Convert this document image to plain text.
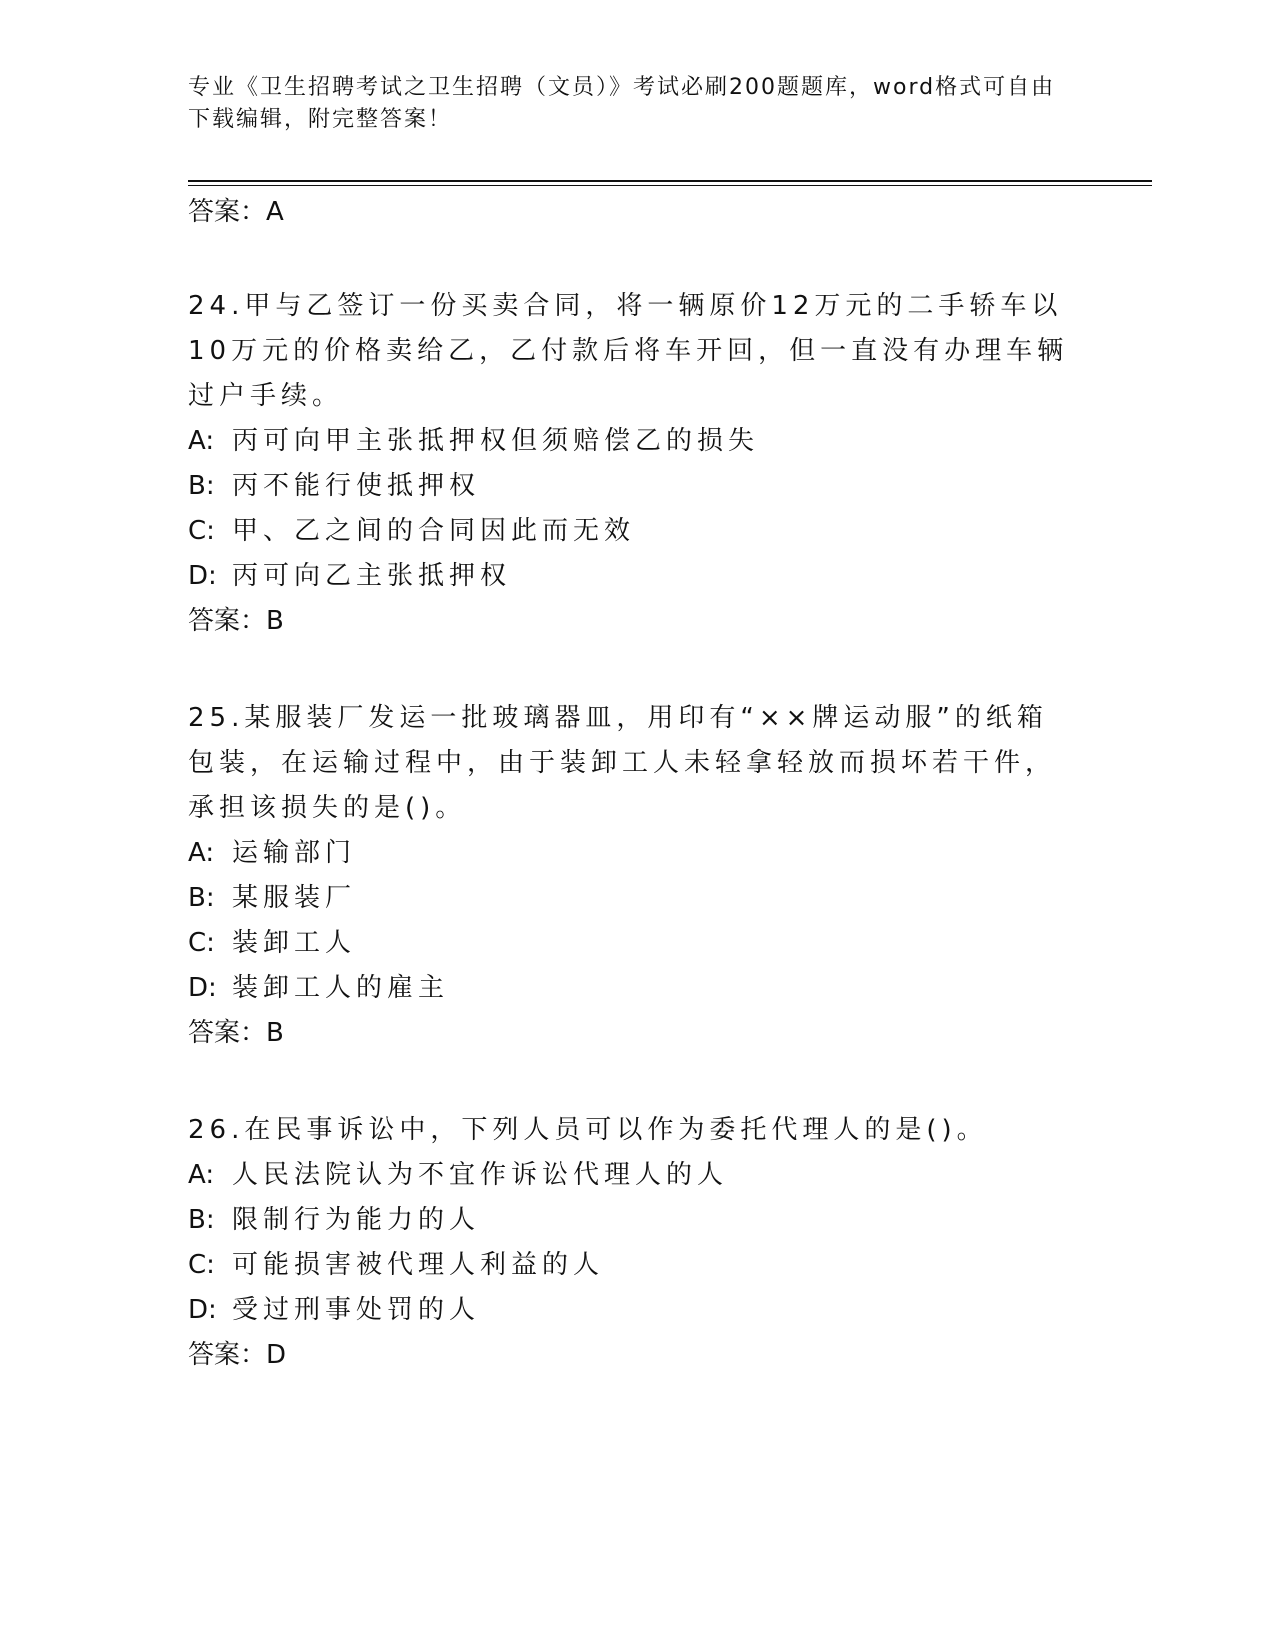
专业《卫生招聘考试之卫生招聘（文员）》考试必刷200题题库，word格式可自由下载编辑，附完整答案！

答案：A

24.甲与乙签订一份买卖合同，将一辆原价12万元的二手轿车以10万元的价格卖给乙，乙付款后将车开回，但一直没有办理车辆过户手续。

A: 丙可向甲主张抵押权但须赔偿乙的损失

B: 丙不能行使抵押权

C: 甲、乙之间的合同因此而无效

D: 丙可向乙主张抵押权

答案：B

25.某服装厂发运一批玻璃器皿，用印有“××牌运动服”的纸箱包装，在运输过程中，由于装卸工人未轻拿轻放而损坏若干件，承担该损失的是()。

A: 运输部门

B: 某服装厂

C: 装卸工人

D: 装卸工人的雇主

答案：B

26.在民事诉讼中，下列人员可以作为委托代理人的是()。

A: 人民法院认为不宜作诉讼代理人的人

B: 限制行为能力的人

C: 可能损害被代理人利益的人

D: 受过刑事处罚的人

答案：D
